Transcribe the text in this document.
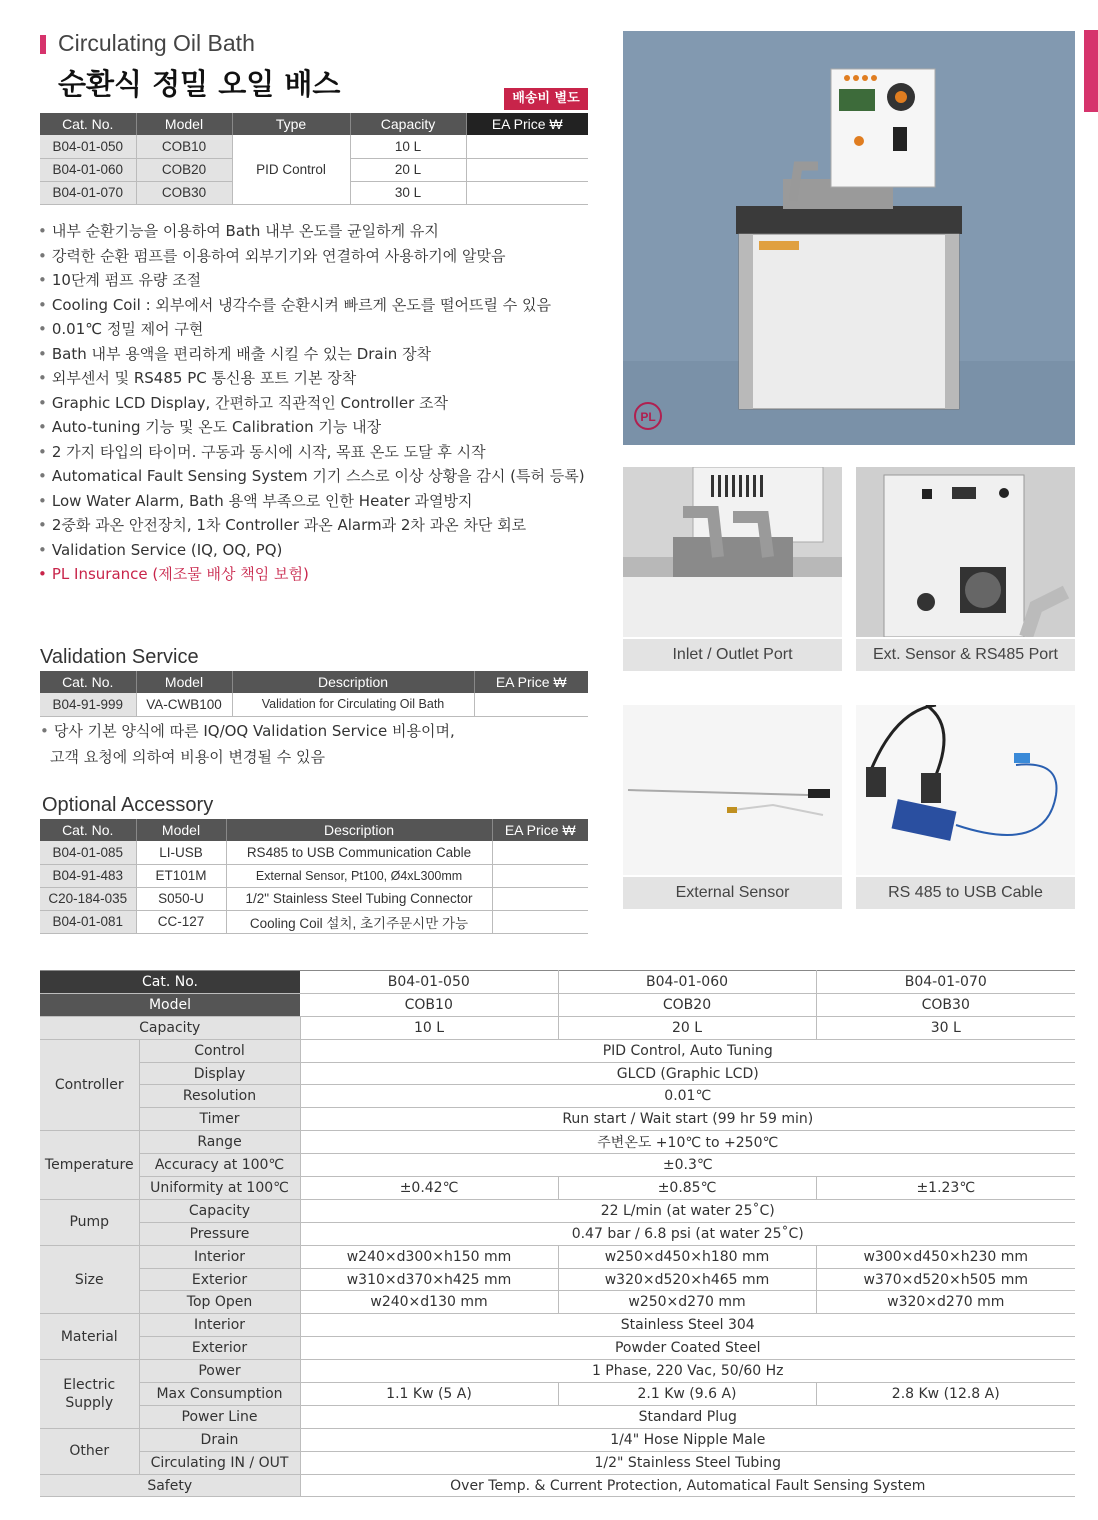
Circulating Oil Bath
순환식 정밀 오일 배스	배송비 별도
Cat. No.	Model	Type	Capacity	EA Price ₩
B04-01-050	COB10	PID Control	10 L	
B04-01-060	COB20		20 L	
B04-01-070	COB30		30 L	
• 내부 순환기능을 이용하여 Bath 내부 온도를 균일하게 유지
• 강력한 순환 펌프를 이용하여 외부기기와 연결하여 사용하기에 알맞음
• 10단계 펌프 유량 조절
• Cooling Coil : 외부에서 냉각수를 순환시켜 빠르게 온도를 떨어뜨릴 수 있음
• 0.01℃ 정밀 제어 구현
• Bath 내부 용액을 편리하게 배출 시킬 수 있는 Drain 장착
• 외부센서 및 RS485 PC 통신용 포트 기본 장착
• Graphic LCD Display, 간편하고 직관적인 Controller 조작
• Auto-tuning 기능 및 온도 Calibration 기능 내장
• 2 가지 타입의 타이머. 구동과 동시에 시작, 목표 온도 도달 후 시작
• Automatical Fault Sensing System 기기 스스로 이상 상황을 감시 (특허 등록)
• Low Water Alarm, Bath 용액 부족으로 인한 Heater 과열방지
• 2중화 과온 안전장치, 1차 Controller 과온 Alarm과 2차 과온 차단 회로
• Validation Service (IQ, OQ, PQ)
• PL Insurance (제조물 배상 책임 보험)
Validation Service
Cat. No.	Model	Description	EA Price ₩
B04-91-999	VA-CWB100	Validation for Circulating Oil Bath	
• 당사 기본 양식에 따른 IQ/OQ Validation Service 비용이며,
고객 요청에 의하여 비용이 변경될 수 있음
Optional Accessory
Cat. No.	Model	Description	EA Price ₩
B04-01-085	LI-USB	RS485 to USB Communication Cable	
B04-91-483	ET101M	External Sensor, Pt100, Ø4xL300mm	
C20-184-035	S050-U	1/2" Stainless Steel Tubing Connector	
B04-01-081	CC-127	Cooling Coil 설치, 초기주문시만 가능	
PL
Inlet / Outlet Port	Ext. Sensor & RS485 Port
External Sensor	RS 485 to USB Cable
Cat. No.		B04-01-050	B04-01-060	B04-01-070
Model		COB10	COB20	COB30
Capacity		10 L	20 L	30 L
Controller	Control	PID Control, Auto Tuning		
	Display	GLCD (Graphic LCD)		
	Resolution	0.01℃		
	Timer	Run start / Wait start (99 hr 59 min)		
Temperature	Range	주변온도 +10℃ to +250℃		
	Accuracy at 100℃	±0.3℃		
	Uniformity at 100℃	±0.42℃	±0.85℃	±1.23℃
Pump	Capacity	22 L/min (at water 25˚C)		
	Pressure	0.47 bar / 6.8 psi (at water 25˚C)		
Size	Interior	w240×d300×h150 mm	w250×d450×h180 mm	w300×d450×h230 mm
	Exterior	w310×d370×h425 mm	w320×d520×h465 mm	w370×d520×h505 mm
	Top Open	w240×d130 mm	w250×d270 mm	w320×d270 mm
Material	Interior	Stainless Steel 304		
	Exterior	Powder Coated Steel		
Electric Supply	Power	1 Phase, 220 Vac, 50/60 Hz		
	Max Consumption	1.1 Kw (5 A)	2.1 Kw (9.6 A)	2.8 Kw (12.8 A)
	Power Line	Standard Plug		
Other	Drain	1/4" Hose Nipple Male		
	Circulating IN / OUT	1/2" Stainless Steel Tubing		
Safety		Over Temp. & Current Protection, Automatical Fault Sensing System		
